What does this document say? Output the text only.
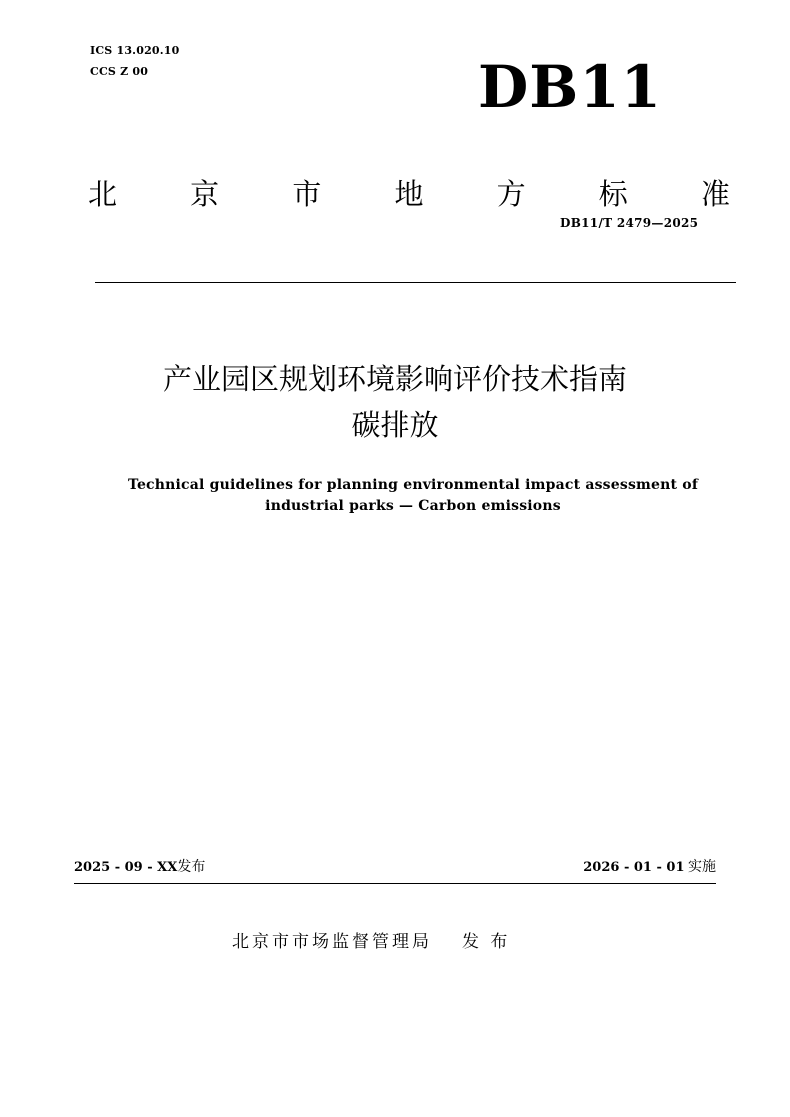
ICS 13.020.10
CCS Z 00	DB11
北	京	市	地	方	标	准
DB11/T 2479—2025
产业园区规划环境影响评价技术指南
碳排放
Technical guidelines for planning environmental impact assessment of
industrial parks — Carbon emissions
2025 - 09 - XX发布	2026 - 01 - 01 实施
北京市市场监督管理局 发 布
